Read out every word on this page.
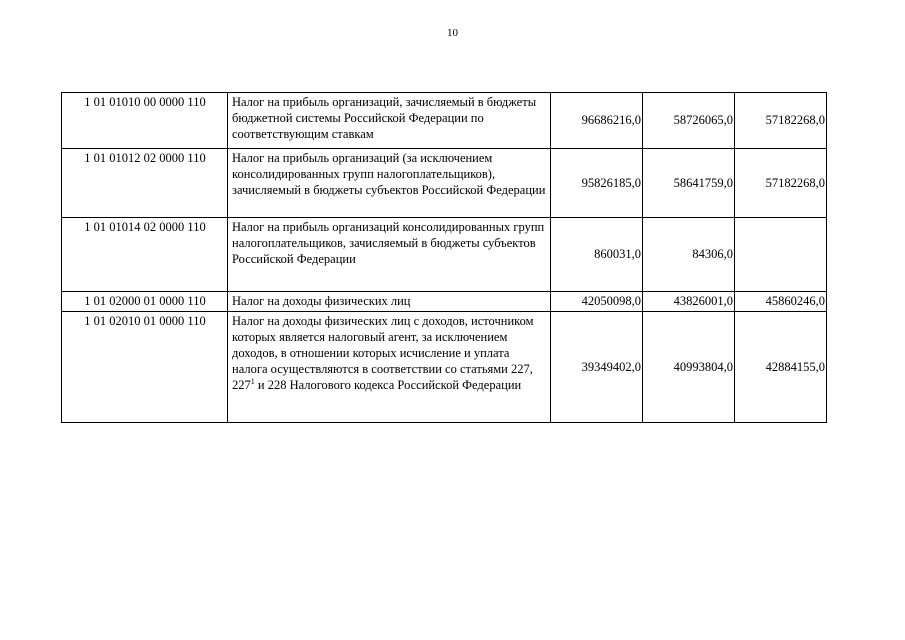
10
1 01 01010 00 0000 110	Налог на прибыль организаций, зачисляемый в бюджеты бюджетной системы Российской Федерации по соответствующим ставкам	96686216,0	58726065,0	57182268,0
1 01 01012 02 0000 110	Налог на прибыль организаций (за исключением консолидированных групп налогоплательщиков), зачисляемый в бюджеты субъектов Российской Федерации	95826185,0	58641759,0	57182268,0
1 01 01014 02 0000 110	Налог на прибыль организаций консолидированных групп налогоплательщиков, зачисляемый в бюджеты субъектов Российской Федерации	860031,0	84306,0	
1 01 02000 01 0000 110	Налог на доходы физических лиц	42050098,0	43826001,0	45860246,0
1 01 02010 01 0000 110	Налог на доходы физических лиц с доходов, источником которых является налоговый агент, за исключением доходов, в отношении которых исчисление и уплата налога осуществляются в соответствии со статьями 227, $227^1$ и 228 Налогового кодекса Российской Федерации	39349402,0	40993804,0	42884155,0
